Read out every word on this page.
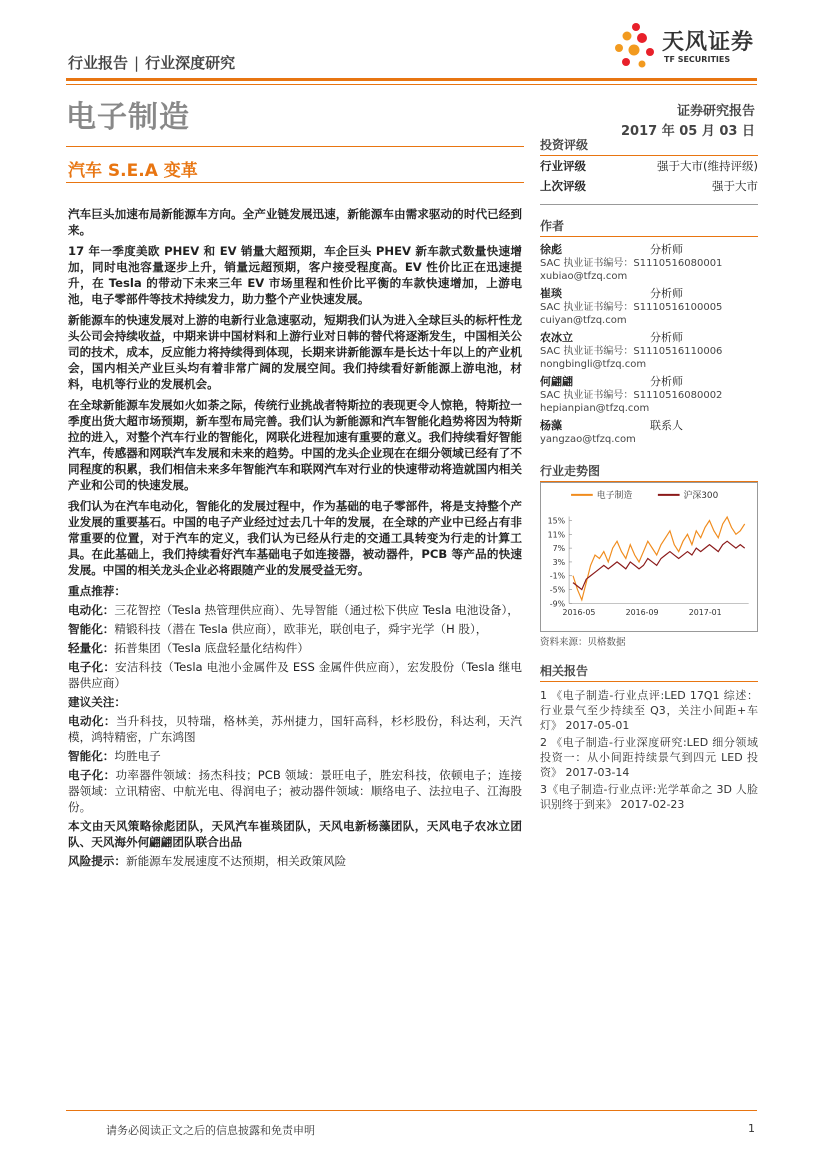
天风证券
TF SECURITIES
行业报告 | 行业深度研究
电子制造	证券研究报告
2017 年 05 月 03 日
汽车 S.E.A 变革

汽车巨头加速布局新能源车方向。全产业链发展迅速，新能源车由需求驱动的时代已经到来。

17 年一季度美欧 PHEV 和 EV 销量大超预期，车企巨头 PHEV 新车款式数量快速增加，同时电池容量逐步上升，销量远超预期，客户接受程度高。EV 性价比正在迅速提升，在 Tesla 的带动下未来三年 EV 市场里程和性价比平衡的车款快速增加，上游电池，电子零部件等技术持续发力，助力整个产业快速发展。

新能源车的快速发展对上游的电新行业急速驱动，短期我们认为进入全球巨头的标杆性龙头公司会持续收益，中期来讲中国材料和上游行业对日韩的替代将逐渐发生，中国相关公司的技术，成本，反应能力将持续得到体现，长期来讲新能源车是长达十年以上的产业机会，国内相关产业巨头均有着非常广阔的发展空间。我们持续看好新能源上游电池，材料，电机等行业的发展机会。

在全球新能源车发展如火如荼之际，传统行业挑战者特斯拉的表现更令人惊艳，特斯拉一季度出货大超市场预期，新车型布局完善。我们认为新能源和汽车智能化趋势将因为特斯拉的进入，对整个汽车行业的智能化，网联化进程加速有重要的意义。我们持续看好智能汽车，传感器和网联汽车发展和未来的趋势。中国的龙头企业现在在细分领域已经有了不同程度的积累，我们相信未来多年智能汽车和联网汽车对行业的快速带动将造就国内相关产业和公司的快速发展。

我们认为在汽车电动化，智能化的发展过程中，作为基础的电子零部件，将是支持整个产业发展的重要基石。中国的电子产业经过过去几十年的发展，在全球的产业中已经占有非常重要的位置，对于汽车的定义，我们认为已经从行走的交通工具转变为行走的计算工具。在此基础上，我们持续看好汽车基础电子如连接器，被动器件，PCB 等产品的快速发展。中国的相关龙头企业必将跟随产业的发展受益无穷。

重点推荐：

电动化：三花智控（Tesla 热管理供应商）、先导智能（通过松下供应 Tesla 电池设备），

智能化：精锻科技（潜在 Tesla 供应商），欧菲光，联创电子，舜宇光学（H 股），

轻量化：拓普集团（Tesla 底盘轻量化结构件）

电子化：安洁科技（Tesla 电池小金属件及 ESS 金属件供应商），宏发股份（Tesla 继电器供应商）

建议关注：

电动化：当升科技，贝特瑞，格林美，苏州捷力，国轩高科，杉杉股份，科达利，天汽模，鸿特精密，广东鸿图

智能化：均胜电子

电子化：功率器件领域：扬杰科技；PCB 领域：景旺电子，胜宏科技，依顿电子；连接器领域：立讯精密、中航光电、得润电子；被动器件领域：顺络电子、法拉电子、江海股份。

本文由天风策略徐彪团队，天风汽车崔琰团队，天风电新杨藻团队，天风电子农冰立团队、天风海外何翩翩团队联合出品

风险提示：新能源车发展速度不达预期，相关政策风险

投资评级
行业评级	强于大市(维持评级)
上次评级	强于大市
作者
徐彪	分析师
SAC 执业证书编号：S1110516080001
xubiao@tfzq.com
崔琰	分析师
SAC 执业证书编号：S1110516100005
cuiyan@tfzq.com
农冰立	分析师
SAC 执业证书编号：S1110516110006
nongbingli@tfzq.com
何翩翩	分析师
SAC 执业证书编号：S1110516080002
hepianpian@tfzq.com
杨藻	联系人
yangzao@tfzq.com
行业走势图
电子制造	沪深300
15%
11%
7%
3%
-1%
-5%
-9%
2016-05	2016-09	2017-01
资料来源：贝格数据
相关报告
1 《电子制造-行业点评:LED 17Q1 综述：行业景气至少持续至 Q3，关注小间距+车灯》 2017-05-01
2 《电子制造-行业深度研究:LED 细分领域投资一：从小间距持续景气到四元 LED 投资》 2017-03-14
3《电子制造-行业点评:光学革命之 3D 人脸识别终于到来》 2017-02-23
请务必阅读正文之后的信息披露和免责申明	1
